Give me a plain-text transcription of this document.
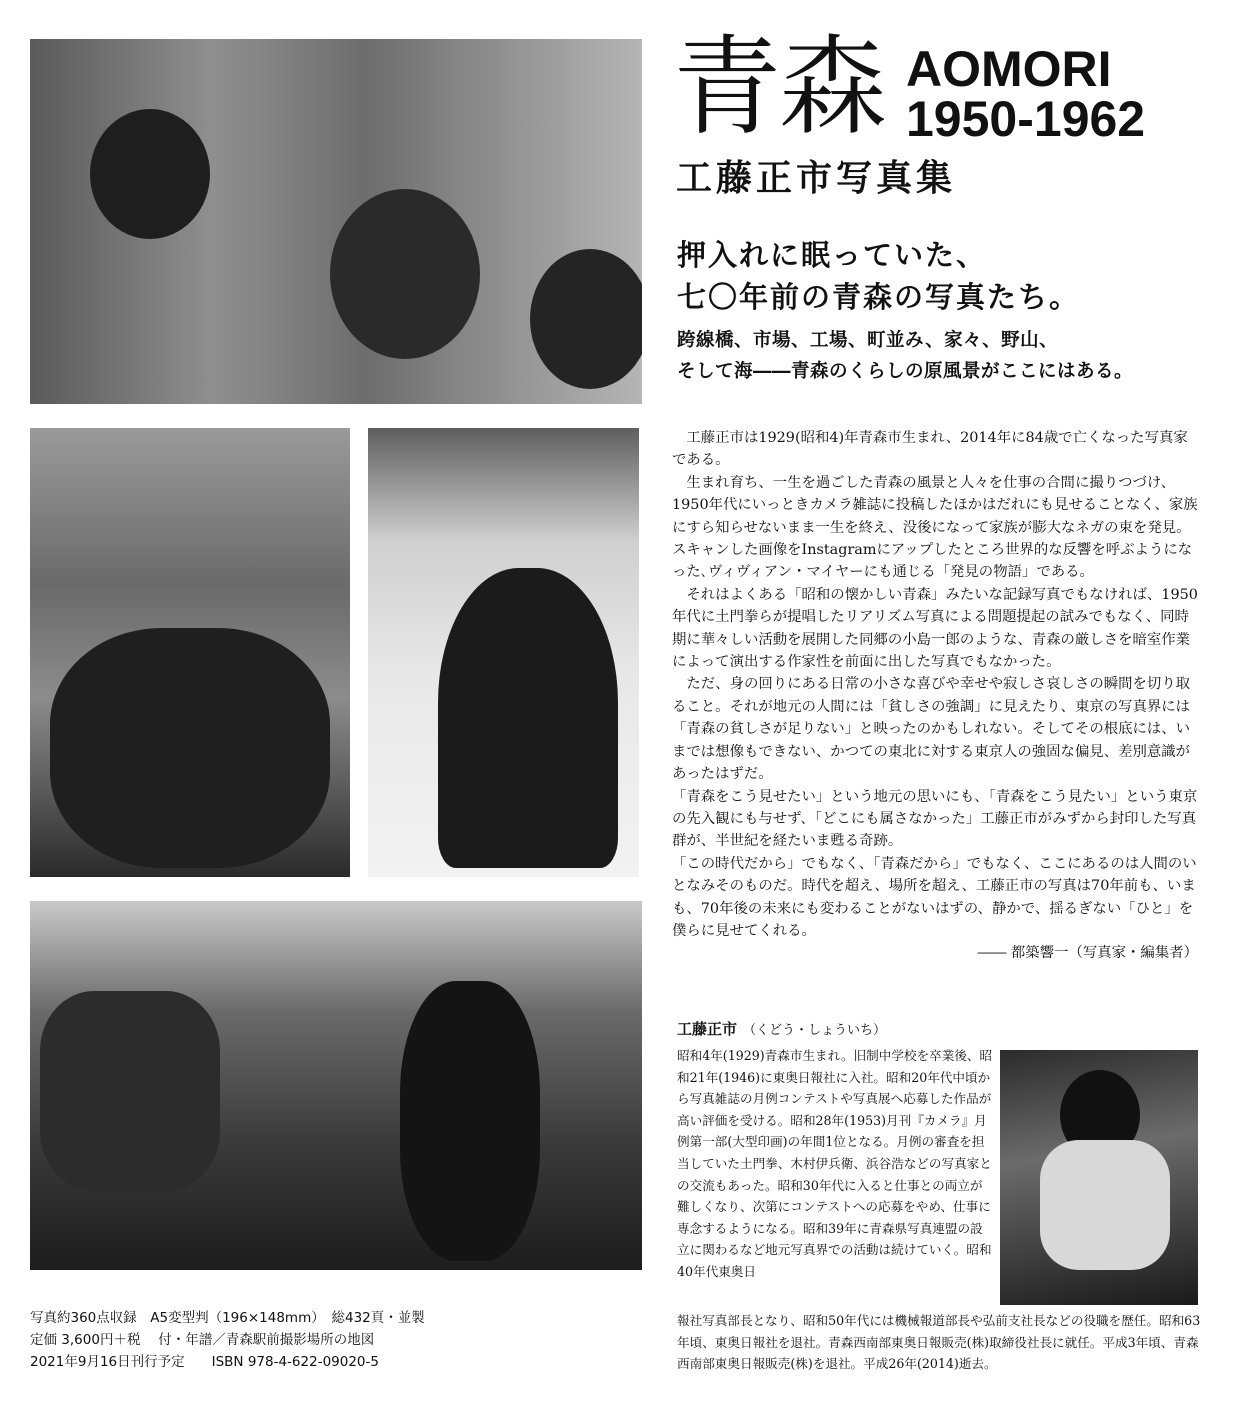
青森 AOMORI
1950-1962
工藤正市写真集
押入れに眠っていた、
七〇年前の青森の写真たち。
跨線橋、市場、工場、町並み、家々、野山、
そして海――青森のくらしの原風景がここにはある。

工藤正市は1929(昭和4)年青森市生まれ、2014年に84歳で亡くなった写真家である。

生まれ育ち、一生を過ごした青森の風景と人々を仕事の合間に撮りつづけ、1950年代にいっときカメラ雑誌に投稿したほかはだれにも見せることなく、家族にすら知らせないまま一生を終え、没後になって家族が膨大なネガの束を発見。スキャンした画像をInstagramにアップしたところ世界的な反響を呼ぶようになった､ヴィヴィアン・マイヤーにも通じる「発見の物語」である。

それはよくある「昭和の懐かしい青森」みたいな記録写真でもなければ、1950年代に土門拳らが提唱したリアリズム写真による問題提起の試みでもなく、同時期に華々しい活動を展開した同郷の小島一郎のような、青森の厳しさを暗室作業によって演出する作家性を前面に出した写真でもなかった。

ただ、身の回りにある日常の小さな喜びや幸せや寂しさ哀しさの瞬間を切り取ること。それが地元の人間には「貧しさの強調」に見えたり、東京の写真界には「青森の貧しさが足りない」と映ったのかもしれない。そしてその根底には、いまでは想像もできない、かつての東北に対する東京人の強固な偏見、差別意識があったはずだ。

「青森をこう見せたい」という地元の思いにも、「青森をこう見たい」という東京の先入観にも与せず、「どこにも属さなかった」工藤正市がみずから封印した写真群が、半世紀を経たいま甦る奇跡。

「この時代だから」でもなく、「青森だから」でもなく、ここにあるのは人間のいとなみそのものだ。時代を超え、場所を超え、工藤正市の写真は70年前も、いまも、70年後の未来にも変わることがないはずの、静かで、揺るぎない「ひと」を僕らに見せてくれる。

―― 都築響一（写真家・編集者）

工藤正市 （くどう・しょういち）
昭和4年(1929)青森市生まれ。旧制中学校を卒業後、昭和21年(1946)に東奥日報社に入社。昭和20年代中頃から写真雑誌の月例コンテストや写真展へ応募した作品が高い評価を受ける。昭和28年(1953)月刊『カメラ』月例第一部(大型印画)の年間1位となる。月例の審査を担当していた土門拳、木村伊兵衛、浜谷浩などの写真家との交流もあった。昭和30年代に入ると仕事との両立が難しくなり、次第にコンテストへの応募をやめ、仕事に専念するようになる。昭和39年に青森県写真連盟の設立に関わるなど地元写真界での活動は続けていく。昭和40年代東奥日
報社写真部長となり、昭和50年代には機械報道部長や弘前支社長などの役職を歴任。昭和63年頃、東奥日報社を退社。青森西南部東奥日報販売(株)取締役社長に就任。平成3年頃、青森西南部東奥日報販売(株)を退社。平成26年(2014)逝去。
写真約360点収録　A5変型判（196×148mm）　総432頁・並製
定価 3,600円＋税　 付・年譜／青森駅前撮影場所の地図
2021年9月16日刊行予定　　ISBN 978-4-622-09020-5
